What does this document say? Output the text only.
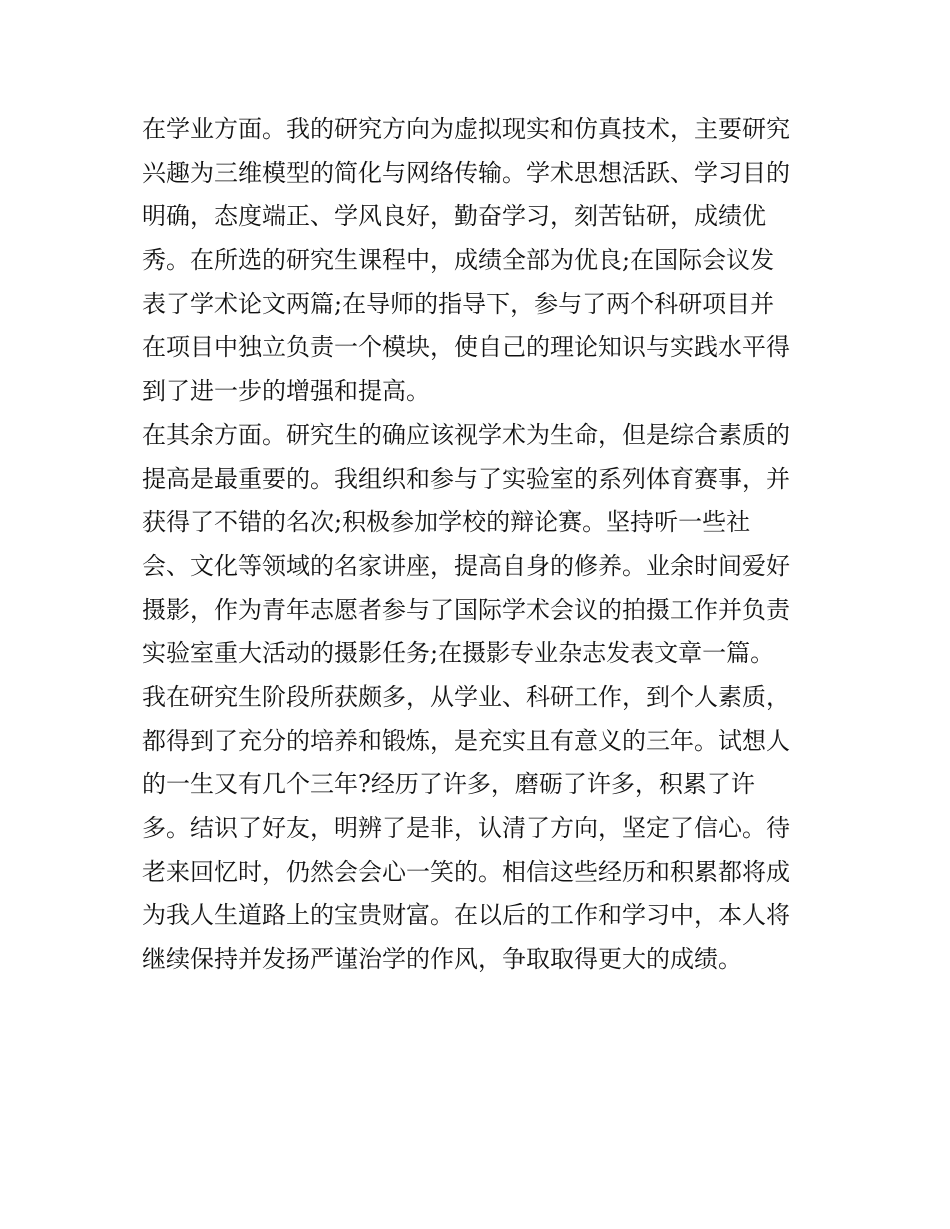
在学业方面。我的研究方向为虚拟现实和仿真技术，主要研究
兴趣为三维模型的简化与网络传输。学术思想活跃、学习目的
明确，态度端正、学风良好，勤奋学习，刻苦钻研，成绩优
秀。在所选的研究生课程中，成绩全部为优良;在国际会议发
表了学术论文两篇;在导师的指导下，参与了两个科研项目并
在项目中独立负责一个模块，使自己的理论知识与实践水平得
到了进一步的增强和提高。
在其余方面。研究生的确应该视学术为生命，但是综合素质的
提高是最重要的。我组织和参与了实验室的系列体育赛事，并
获得了不错的名次;积极参加学校的辩论赛。坚持听一些社
会、文化等领域的名家讲座，提高自身的修养。业余时间爱好
摄影，作为青年志愿者参与了国际学术会议的拍摄工作并负责
实验室重大活动的摄影任务;在摄影专业杂志发表文章一篇。
我在研究生阶段所获颇多，从学业、科研工作，到个人素质，
都得到了充分的培养和锻炼，是充实且有意义的三年。试想人
的一生又有几个三年?经历了许多，磨砺了许多，积累了许
多。结识了好友，明辨了是非，认清了方向，坚定了信心。待
老来回忆时，仍然会会心一笑的。相信这些经历和积累都将成
为我人生道路上的宝贵财富。在以后的工作和学习中，本人将
继续保持并发扬严谨治学的作风，争取取得更大的成绩。
